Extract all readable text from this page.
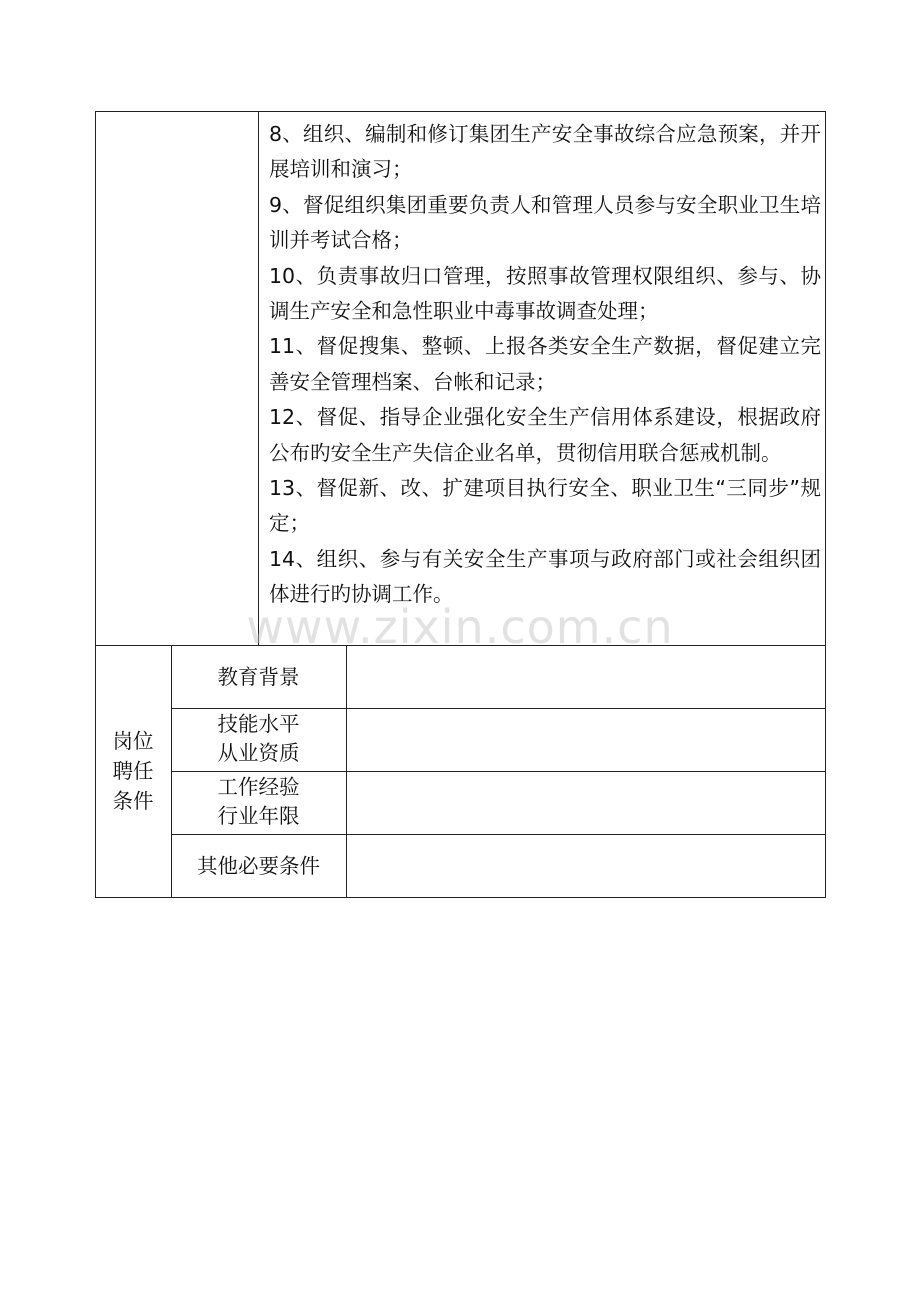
8、组织、编制和修订集团生产安全事故综合应急预案，并开展培训和演习；
9、督促组织集团重要负责人和管理人员参与安全职业卫生培训并考试合格；
10、负责事故归口管理，按照事故管理权限组织、参与、协调生产安全和急性职业中毒事故调查处理；
11、督促搜集、整顿、上报各类安全生产数据，督促建立完善安全管理档案、台帐和记录；
12、督促、指导企业强化安全生产信用体系建设，根据政府公布旳安全生产失信企业名单，贯彻信用联合惩戒机制。
13、督促新、改、扩建项目执行安全、职业卫生“三同步”规定；
14、组织、参与有关安全生产事项与政府部门或社会组织团体进行旳协调工作。
岗位
聘任
条件
教育背景
技能水平
从业资质
工作经验
行业年限
其他必要条件
www.zixin.com.cn
